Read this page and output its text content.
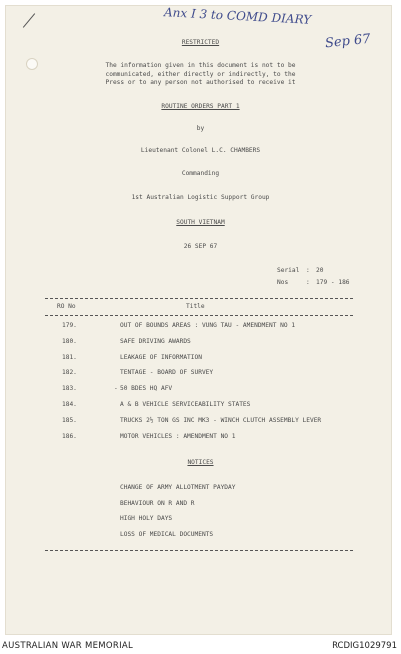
Anx I 3 to COMD DIARY
Sep 67
RESTRICTED
The information given in this document is not to be
communicated, either directly or indirectly, to the
Press or to any person not authorised to receive it
ROUTINE ORDERS PART 1
by
Lieutenant Colonel L.C. CHAMBERS
Commanding
1st Australian Logistic Support Group
SOUTH VIETNAM
26 SEP 67
Serial : 20
Nos	: 179 - 186
RO No	Title
179.	OUT OF BOUNDS AREAS : VUNG TAU - AMENDMENT NO 1
180.	SAFE DRIVING AWARDS
181.	LEAKAGE OF INFORMATION
182.	TENTAGE - BOARD OF SURVEY
183.	- 50 BDES HQ AFV
184.	A & B VEHICLE SERVICEABILITY STATES
185.	TRUCKS 2½ TON GS INC MK3 - WINCH CLUTCH ASSEMBLY LEVER
186.	MOTOR VEHICLES : AMENDMENT NO 1
NOTICES
CHANGE OF ARMY ALLOTMENT PAYDAY
BEHAVIOUR ON R AND R
HIGH HOLY DAYS
LOSS OF MEDICAL DOCUMENTS
AUSTRALIAN WAR MEMORIAL	RCDIG1029791
